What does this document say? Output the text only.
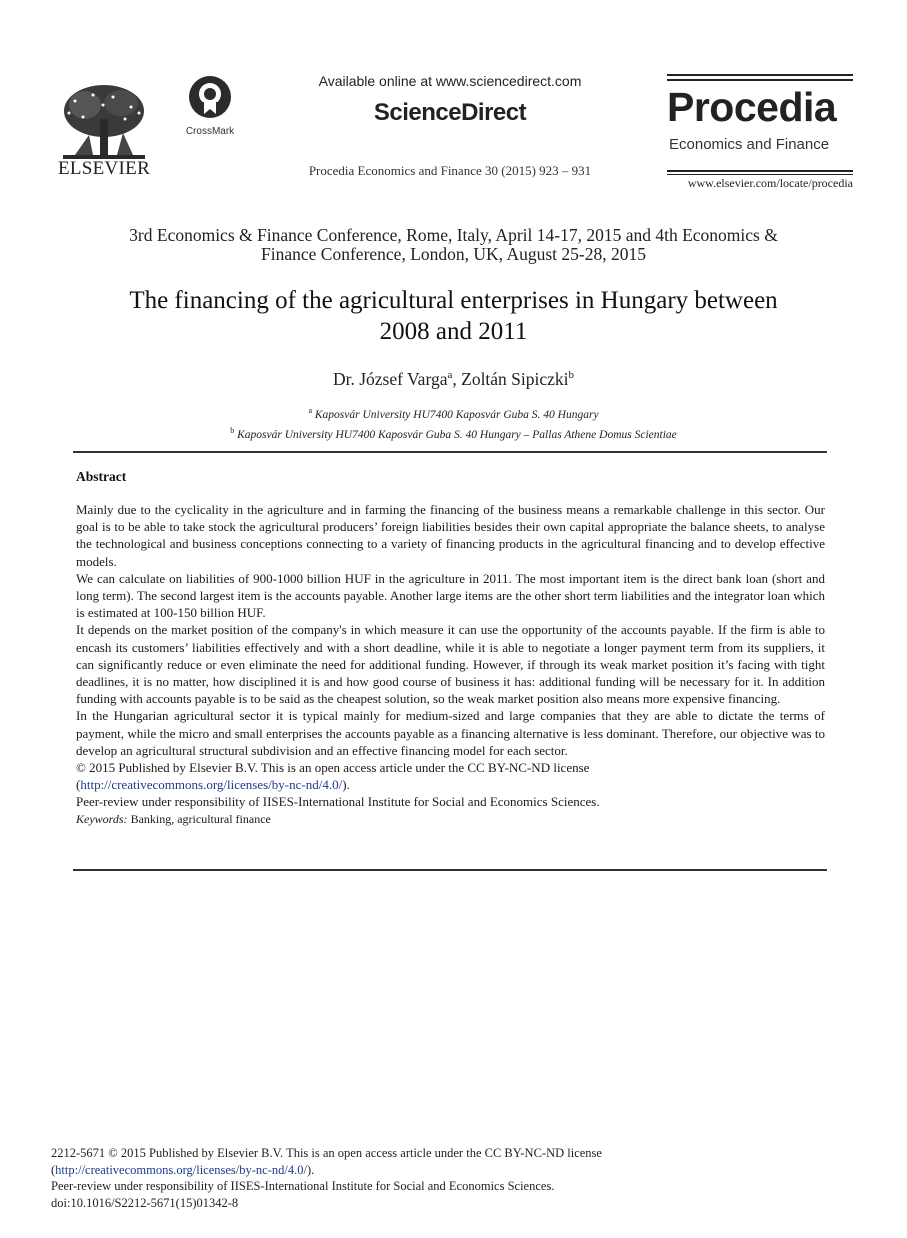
ELSEVIER
CrossMark
Available online at www.sciencedirect.com
ScienceDirect
Procedia Economics and Finance 30 (2015) 923 – 931
Procedia
Economics and Finance
www.elsevier.com/locate/procedia
3rd Economics & Finance Conference, Rome, Italy, April 14-17, 2015 and 4th Economics &
Finance Conference, London, UK, August 25-28, 2015
The financing of the agricultural enterprises in Hungary between
2008 and 2011
Dr. József Varga$^a$, Zoltán Sipiczki$^b$
$^a$ Kaposvár University HU7400 Kaposvár Guba S. 40 Hungary
$^b$ Kaposvár University HU7400 Kaposvár Guba S. 40 Hungary – Pallas Athene Domus Scientiae
Abstract

Mainly due to the cyclicality in the agriculture and in farming the financing of the business means a remarkable challenge in this sector. Our goal is to be able to take stock the agricultural producers’ foreign liabilities besides their own capital appropriate the balance sheets, to analyse the technological and business conceptions connecting to a variety of financing products in the agricultural financing and to develop effective models.

We can calculate on liabilities of 900-1000 billion HUF in the agriculture in 2011. The most important item is the direct bank loan (short and long term). The second largest item is the accounts payable. Another large items are the other short term liabilities and the integrator loan which is estimated at 100-150 billion HUF.

It depends on the market position of the company's in which measure it can use the opportunity of the accounts payable. If the firm is able to encash its customers’ liabilities effectively and with a short deadline, while it is able to negotiate a longer payment term from its suppliers, it can significantly reduce or even eliminate the need for additional funding. However, if through its weak market position it’s facing with tight deadlines, it is no matter, how disciplined it is and how good course of business it has: additional funding will be necessary for it. In addition funding with accounts payable is to be said as the cheapest solution, so the weak market position also means more expensive financing.

In the Hungarian agricultural sector it is typical mainly for medium-sized and large companies that they are able to dictate the terms of payment, while the micro and small enterprises the accounts payable as a financing alternative is less dominant. Therefore, our objective was to develop an agricultural structural subdivision and an effective financing model for each sector.

© 2015 Published by Elsevier B.V. This is an open access article under the CC BY-NC-ND license

(http://creativecommons.org/licenses/by-nc-nd/4.0/).

Peer-review under responsibility of IISES-International Institute for Social and Economics Sciences.

Keywords: Banking, agricultural finance

2212-5671 © 2015 Published by Elsevier B.V. This is an open access article under the CC BY-NC-ND license

(http://creativecommons.org/licenses/by-nc-nd/4.0/).

Peer-review under responsibility of IISES-International Institute for Social and Economics Sciences.

doi:10.1016/S2212-5671(15)01342-8
